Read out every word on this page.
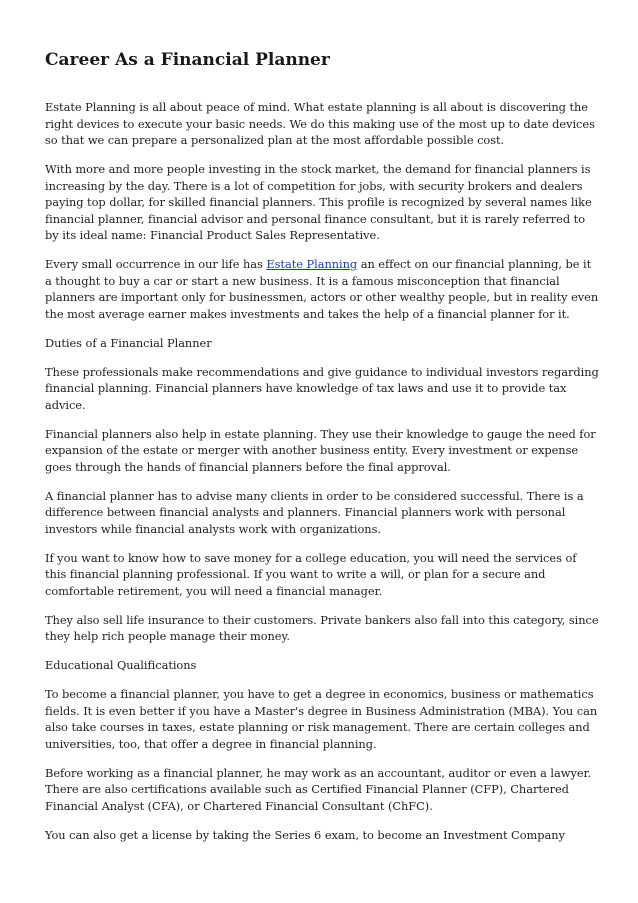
Career As a Financial Planner

Estate Planning is all about peace of mind. What estate planning is all about is discovering the right devices to execute your basic needs. We do this making use of the most up to date devices so that we can prepare a personalized plan at the most affordable possible cost.

With more and more people investing in the stock market, the demand for financial planners is increasing by the day. There is a lot of competition for jobs, with security brokers and dealers paying top dollar, for skilled financial planners. This profile is recognized by several names like financial planner, financial advisor and personal finance consultant, but it is rarely referred to by its ideal name: Financial Product Sales Representative.

Every small occurrence in our life has Estate Planning an effect on our financial planning, be it a thought to buy a car or start a new business. It is a famous misconception that financial planners are important only for businessmen, actors or other wealthy people, but in reality even the most average earner makes investments and takes the help of a financial planner for it.

Duties of a Financial Planner

These professionals make recommendations and give guidance to individual investors regarding financial planning. Financial planners have knowledge of tax laws and use it to provide tax advice.

Financial planners also help in estate planning. They use their knowledge to gauge the need for expansion of the estate or merger with another business entity. Every investment or expense goes through the hands of financial planners before the final approval.

A financial planner has to advise many clients in order to be considered successful. There is a difference between financial analysts and planners. Financial planners work with personal investors while financial analysts work with organizations.

If you want to know how to save money for a college education, you will need the services of this financial planning professional. If you want to write a will, or plan for a secure and comfortable retirement, you will need a financial manager.

They also sell life insurance to their customers. Private bankers also fall into this category, since they help rich people manage their money.

Educational Qualifications

To become a financial planner, you have to get a degree in economics, business or mathematics fields. It is even better if you have a Master's degree in Business Administration (MBA). You can also take courses in taxes, estate planning or risk management. There are certain colleges and universities, too, that offer a degree in financial planning.

Before working as a financial planner, he may work as an accountant, auditor or even a lawyer. There are also certifications available such as Certified Financial Planner (CFP), Chartered Financial Analyst (CFA), or Chartered Financial Consultant (ChFC).

You can also get a license by taking the Series 6 exam, to become an Investment Company
